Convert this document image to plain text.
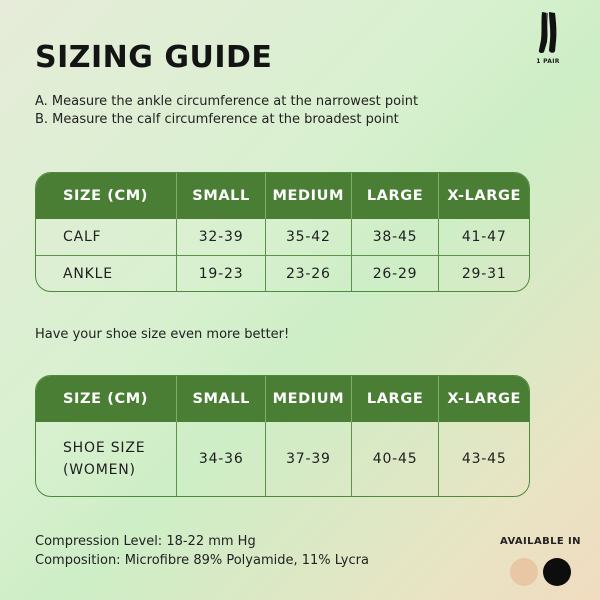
SIZING GUIDE	1 PAIR
A. Measure the ankle circumference at the narrowest point
B. Measure the calf circumference at the broadest point
SIZE (CM)	SMALL	MEDIUM	LARGE	X-LARGE
CALF	32-39	35-42	38-45	41-47
ANKLE	19-23	23-26	26-29	29-31
Have your shoe size even more better!
SIZE (CM)	SMALL	MEDIUM	LARGE	X-LARGE

SHOE SIZE
(WOMEN)	34-36	37-39	40-45	43-45
Compression Level: 18-22 mm Hg
Composition: Microfibre 89% Polyamide, 11% Lycra
AVAILABLE IN
